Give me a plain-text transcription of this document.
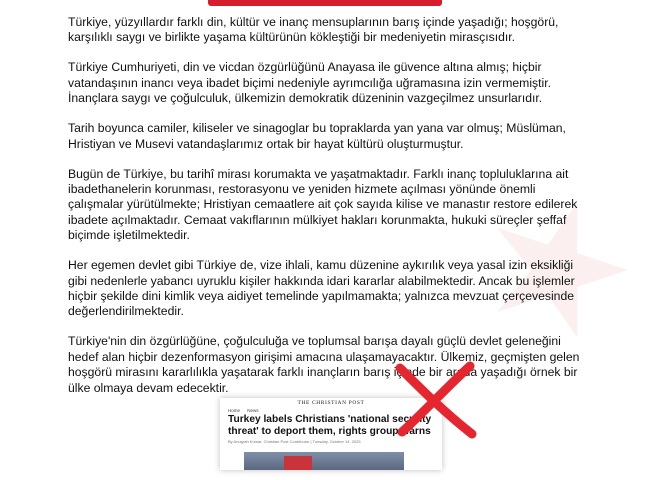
Türkiye, yüzyıllardır farklı din, kültür ve inanç mensuplarının barış içinde yaşadığı; hoşgörü, karşılıklı saygı ve birlikte yaşama kültürünün kökleştiği bir medeniyetin mirasçısıdır.

Türkiye Cumhuriyeti, din ve vicdan özgürlüğünü Anayasa ile güvence altına almış; hiçbir vatandaşının inancı veya ibadet biçimi nedeniyle ayrımcılığa uğramasına izin vermemiştir. İnançlara saygı ve çoğulculuk, ülkemizin demokratik düzeninin vazgeçilmez unsurlarıdır.

Tarih boyunca camiler, kiliseler ve sinagoglar bu topraklarda yan yana var olmuş; Müslüman, Hristiyan ve Musevi vatandaşlarımız ortak bir hayat kültürü oluşturmuştur.

Bugün de Türkiye, bu tarihî mirası korumakta ve yaşatmaktadır. Farklı inanç topluluklarına ait ibadethanelerin korunması, restorasyonu ve yeniden hizmete açılması yönünde önemli çalışmalar yürütülmekte; Hristiyan cemaatlere ait çok sayıda kilise ve manastır restore edilerek ibadete açılmaktadır. Cemaat vakıflarının mülkiyet hakları korunmakta, hukuki süreçler şeffaf biçimde işletilmektedir.

Her egemen devlet gibi Türkiye de, vize ihlali, kamu düzenine aykırılık veya yasal izin eksikliği gibi nedenlerle yabancı uyruklu kişiler hakkında idari kararlar alabilmektedir. Ancak bu işlemler hiçbir şekilde dini kimlik veya aidiyet temelinde yapılmamakta; yalnızca mevzuat çerçevesinde değerlendirilmektedir.

Türkiye'nin din özgürlüğüne, çoğulculuğa ve toplumsal barışa dayalı güçlü devlet geleneğini hedef alan hiçbir dezenformasyon girişimi amacına ulaşamayacaktır. Ülkemiz, geçmişten gelen hoşgörü mirasını kararlılıkla yaşatarak farklı inançların barış içinde bir arada yaşadığı örnek bir ülke olmaya devam edecektir.

THE CHRISTIAN POST
Home News
Turkey labels Christians 'national security threat' to deport them, rights group warns
By Anugrah Kumar, Christian Post Contributor | Tuesday, October 14, 2025
